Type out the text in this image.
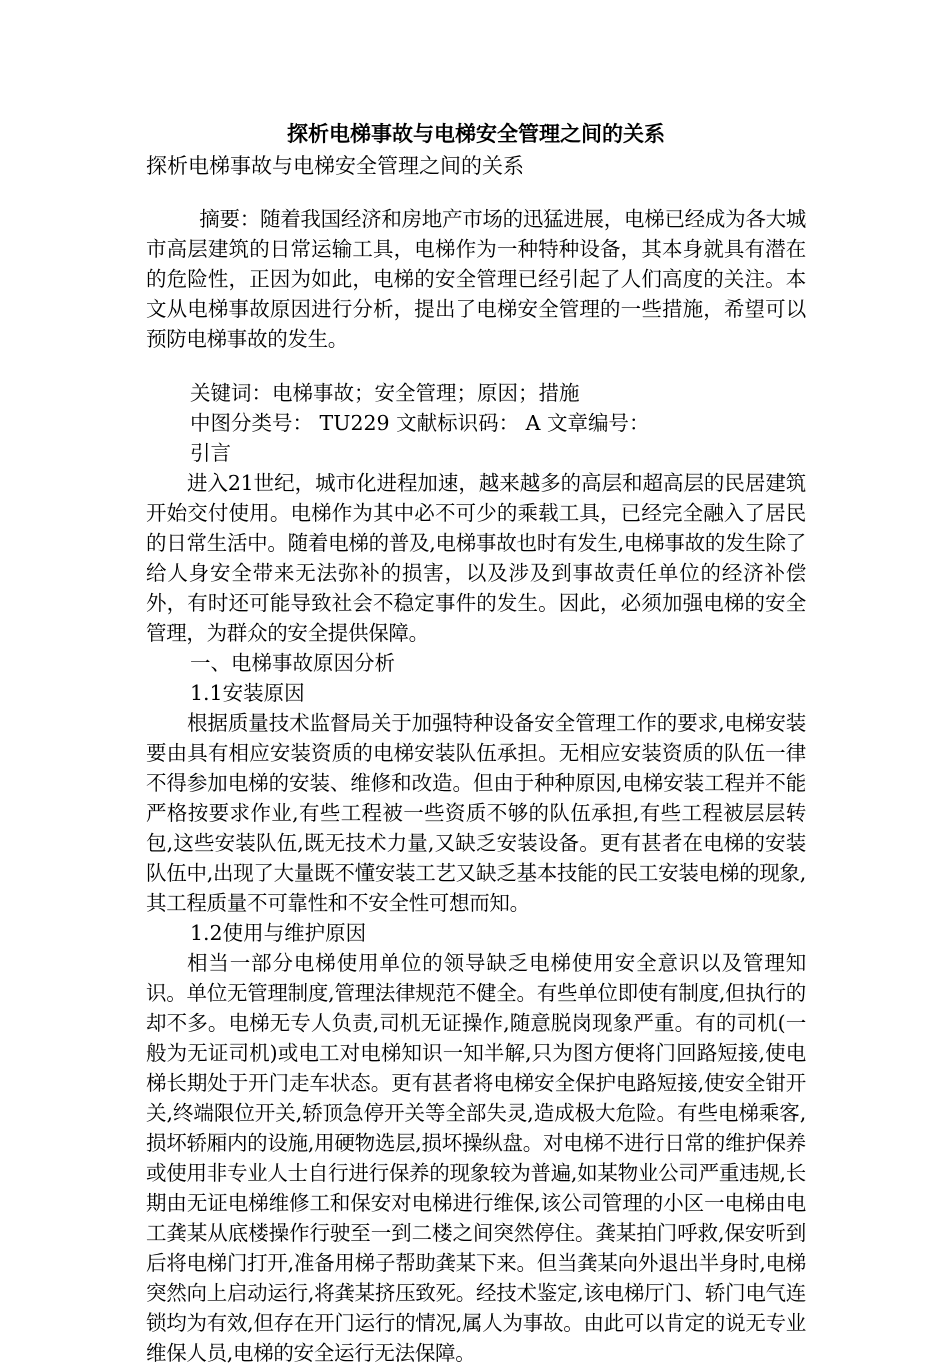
探析电梯事故与电梯安全管理之间的关系

探析电梯事故与电梯安全管理之间的关系

摘要：随着我国经济和房地产市场的迅猛进展，电梯已经成为各大城市高层建筑的日常运输工具，电梯作为一种特种设备，其本身就具有潜在的危险性，正因为如此，电梯的安全管理已经引起了人们高度的关注。本文从电梯事故原因进行分析，提出了电梯安全管理的一些措施，希望可以预防电梯事故的发生。

关键词：电梯事故；安全管理；原因；措施

中图分类号： TU229 文献标识码： A 文章编号：

引言

进入21世纪，城市化进程加速，越来越多的高层和超高层的民居建筑开始交付使用。电梯作为其中必不可少的乘载工具，已经完全融入了居民的日常生活中。随着电梯的普及,电梯事故也时有发生,电梯事故的发生除了给人身安全带来无法弥补的损害，以及涉及到事故责任单位的经济补偿外，有时还可能导致社会不稳定事件的发生。因此，必须加强电梯的安全管理，为群众的安全提供保障。

一、电梯事故原因分析

1.1安装原因

根据质量技术监督局关于加强特种设备安全管理工作的要求,电梯安装要由具有相应安装资质的电梯安装队伍承担。无相应安装资质的队伍一律不得参加电梯的安装、维修和改造。但由于种种原因,电梯安装工程并不能严格按要求作业,有些工程被一些资质不够的队伍承担,有些工程被层层转包,这些安装队伍,既无技术力量,又缺乏安装设备。更有甚者在电梯的安装队伍中,出现了大量既不懂安装工艺又缺乏基本技能的民工安装电梯的现象,其工程质量不可靠性和不安全性可想而知。

1.2使用与维护原因

相当一部分电梯使用单位的领导缺乏电梯使用安全意识以及管理知识。单位无管理制度,管理法律规范不健全。有些单位即使有制度,但执行的却不多。电梯无专人负责,司机无证操作,随意脱岗现象严重。有的司机(一般为无证司机)或电工对电梯知识一知半解,只为图方便将门回路短接,使电梯长期处于开门走车状态。更有甚者将电梯安全保护电路短接,使安全钳开关,终端限位开关,轿顶急停开关等全部失灵,造成极大危险。有些电梯乘客,损坏轿厢内的设施,用硬物选层,损坏操纵盘。对电梯不进行日常的维护保养或使用非专业人士自行进行保养的现象较为普遍,如某物业公司严重违规,长期由无证电梯维修工和保安对电梯进行维保,该公司管理的小区一电梯由电工龚某从底楼操作行驶至一到二楼之间突然停住。龚某拍门呼救,保安听到后将电梯门打开,准备用梯子帮助龚某下来。但当龚某向外退出半身时,电梯突然向上启动运行,将龚某挤压致死。经技术鉴定,该电梯厅门、轿门电气连锁均为有效,但存在开门运行的情况,属人为事故。由此可以肯定的说无专业维保人员,电梯的安全运行无法保障。
